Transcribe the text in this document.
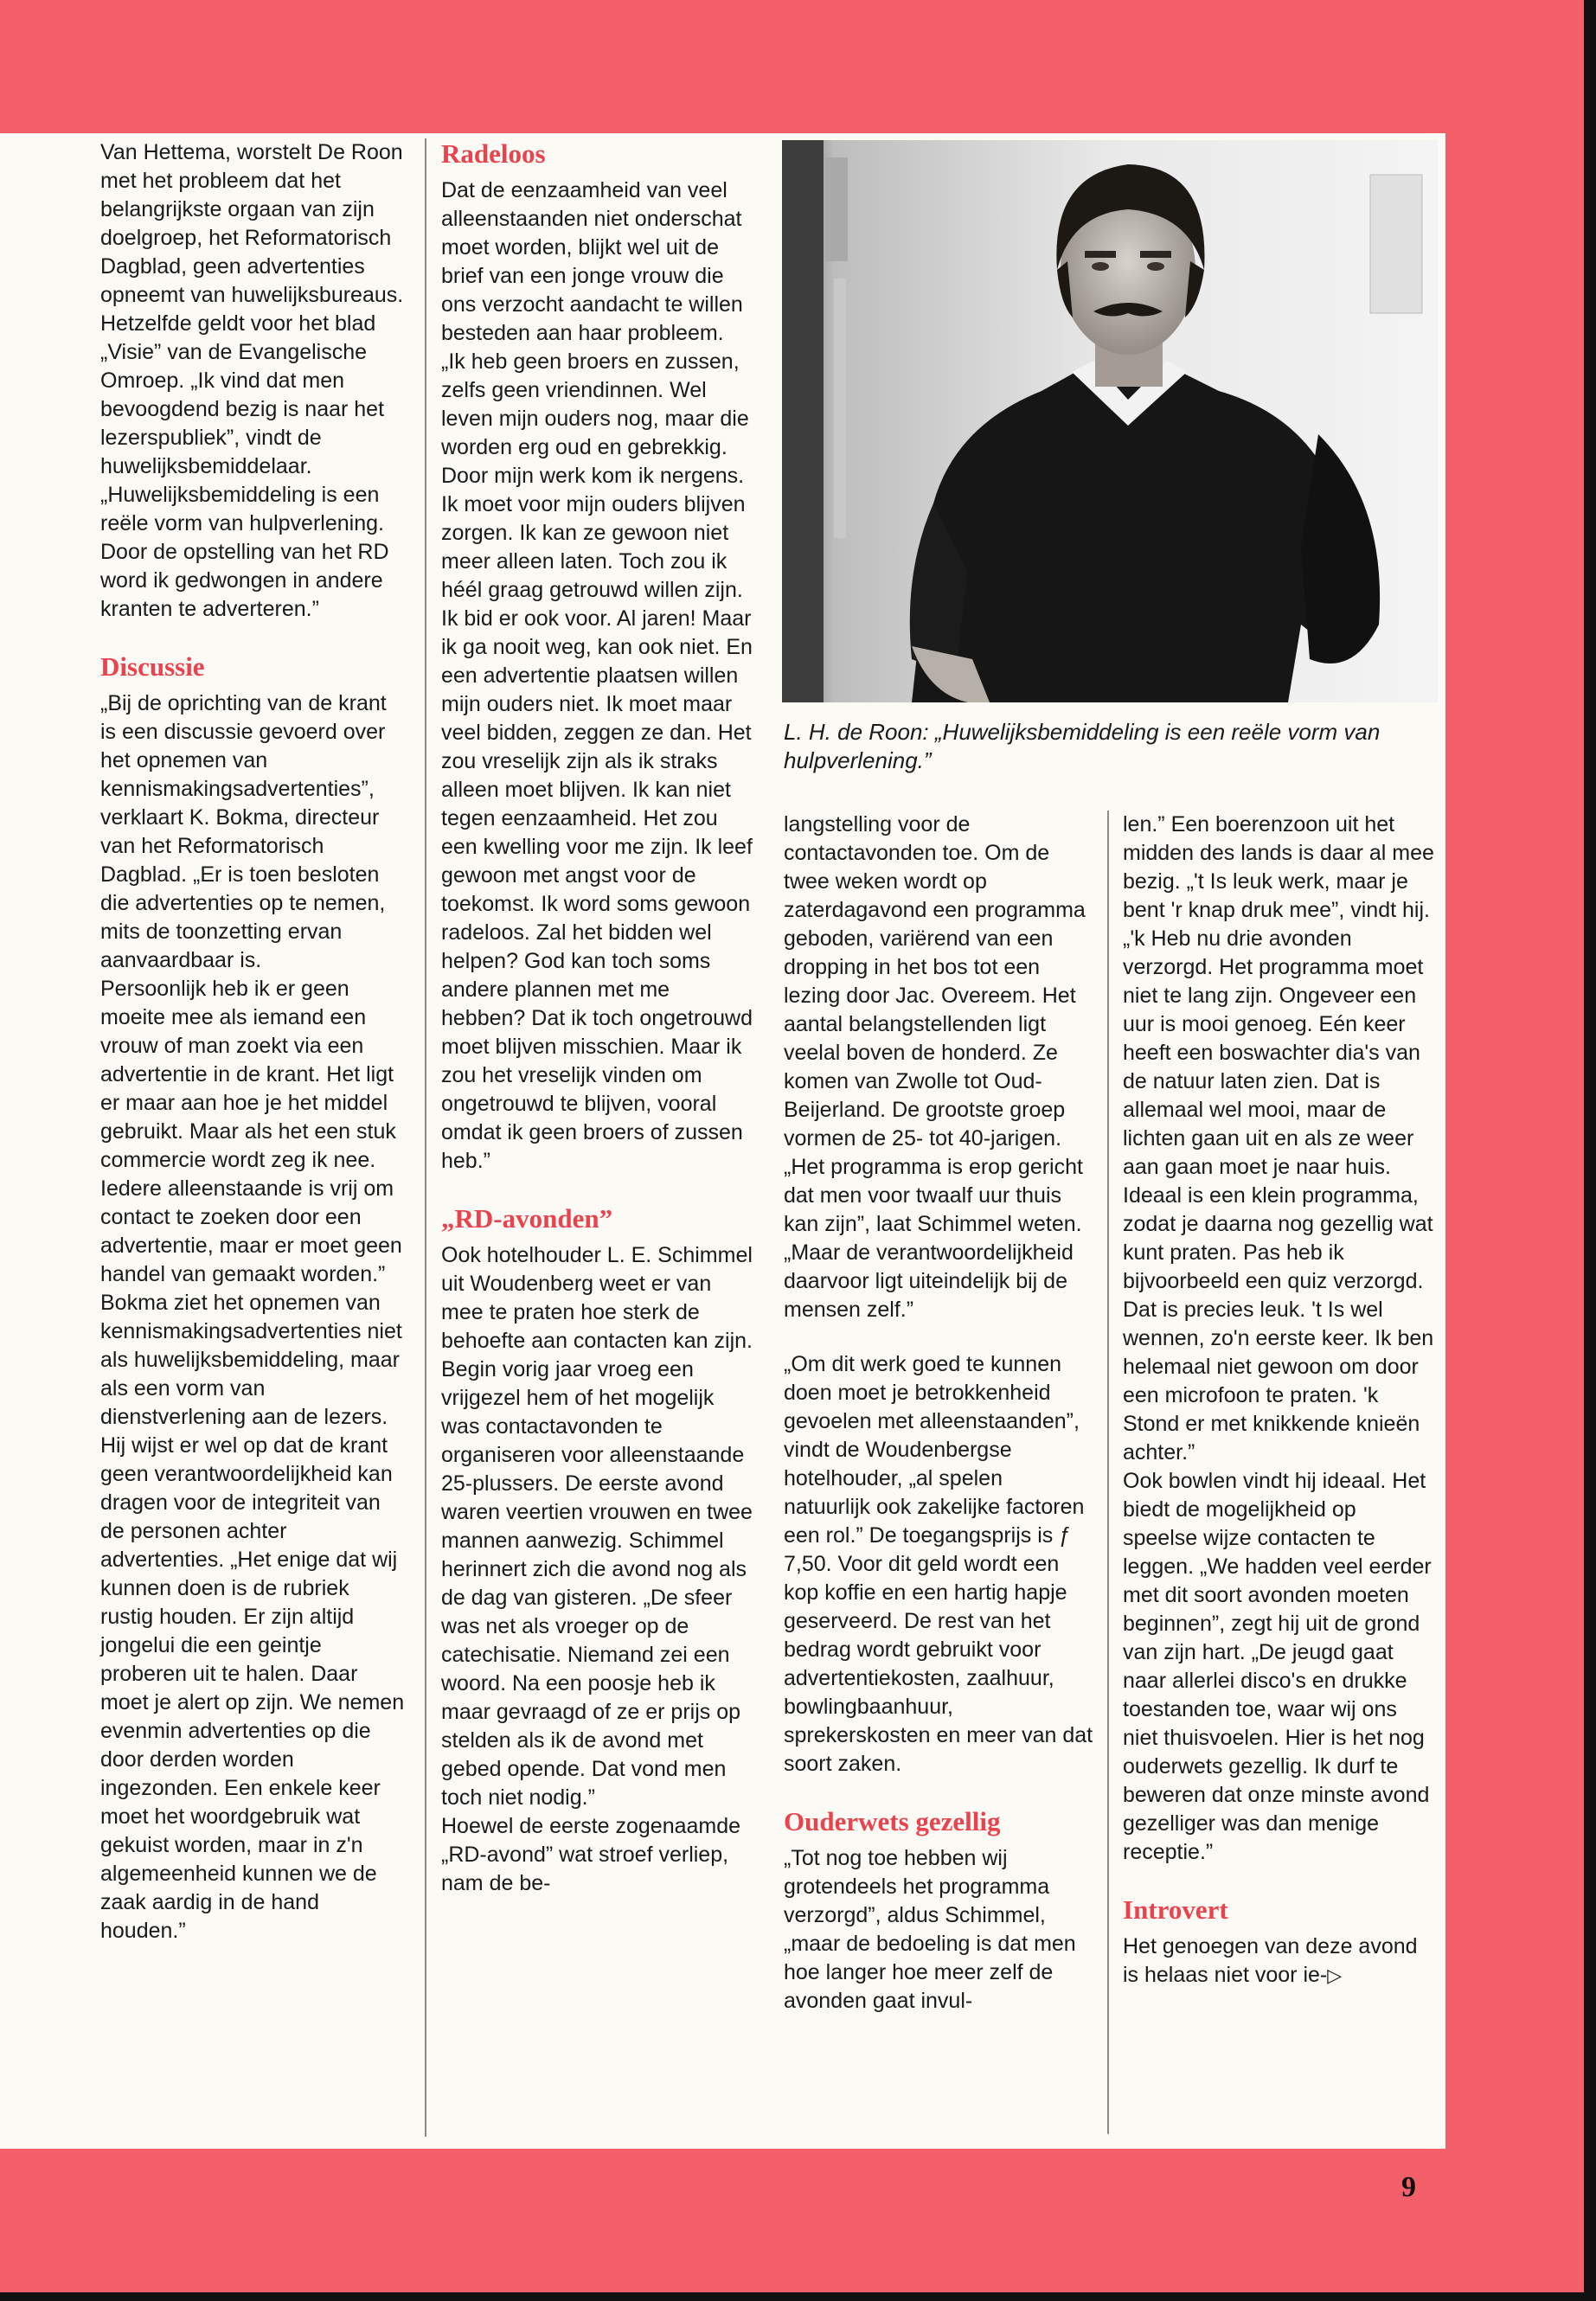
Van Hettema, worstelt De Roon met het probleem dat het belangrijkste orgaan van zijn doelgroep, het Reformatorisch Dagblad, geen advertenties opneemt van huwelijksbureaus. Hetzelfde geldt voor het blad „Visie” van de Evangelische Omroep. „Ik vind dat men bevoogdend bezig is naar het lezerspubliek”, vindt de huwelijksbemiddelaar. „Huwelijksbemiddeling is een reële vorm van hulpverlening. Door de opstelling van het RD word ik gedwongen in andere kranten te adverteren.”

Discussie

„Bij de oprichting van de krant is een discussie gevoerd over het opnemen van kennismakingsadvertenties”, verklaart K. Bokma, directeur van het Reformatorisch Dagblad. „Er is toen besloten die advertenties op te nemen, mits de toonzetting ervan aanvaardbaar is.

Persoonlijk heb ik er geen moeite mee als iemand een vrouw of man zoekt via een advertentie in de krant. Het ligt er maar aan hoe je het middel gebruikt. Maar als het een stuk commercie wordt zeg ik nee. Iedere alleenstaande is vrij om contact te zoeken door een advertentie, maar er moet geen handel van gemaakt worden.”

Bokma ziet het opnemen van kennismakingsadvertenties niet als huwelijksbemiddeling, maar als een vorm van dienstverlening aan de lezers. Hij wijst er wel op dat de krant geen verantwoordelijkheid kan dragen voor de integriteit van de personen achter advertenties. „Het enige dat wij kunnen doen is de rubriek rustig houden. Er zijn altijd jongelui die een geintje proberen uit te halen. Daar moet je alert op zijn. We nemen evenmin advertenties op die door derden worden ingezonden. Een enkele keer moet het woordgebruik wat gekuist worden, maar in z'n algemeenheid kunnen we de zaak aardig in de hand houden.”

Radeloos

Dat de eenzaamheid van veel alleenstaanden niet onderschat moet worden, blijkt wel uit de brief van een jonge vrouw die ons verzocht aandacht te willen besteden aan haar probleem.

„Ik heb geen broers en zussen, zelfs geen vriendinnen. Wel leven mijn ouders nog, maar die worden erg oud en gebrekkig. Door mijn werk kom ik nergens. Ik moet voor mijn ouders blijven zorgen. Ik kan ze gewoon niet meer alleen laten. Toch zou ik héél graag getrouwd willen zijn. Ik bid er ook voor. Al jaren! Maar ik ga nooit weg, kan ook niet. En een advertentie plaatsen willen mijn ouders niet. Ik moet maar veel bidden, zeggen ze dan. Het zou vreselijk zijn als ik straks alleen moet blijven. Ik kan niet tegen eenzaamheid. Het zou een kwelling voor me zijn. Ik leef gewoon met angst voor de toekomst. Ik word soms gewoon radeloos. Zal het bidden wel helpen? God kan toch soms andere plannen met me hebben? Dat ik toch ongetrouwd moet blijven misschien. Maar ik zou het vreselijk vinden om ongetrouwd te blijven, vooral omdat ik geen broers of zussen heb.”

„RD-avonden”

Ook hotelhouder L. E. Schimmel uit Woudenberg weet er van mee te praten hoe sterk de behoefte aan contacten kan zijn. Begin vorig jaar vroeg een vrijgezel hem of het mogelijk was contactavonden te organiseren voor alleenstaande 25-plussers. De eerste avond waren veertien vrouwen en twee mannen aanwezig. Schimmel herinnert zich die avond nog als de dag van gisteren. „De sfeer was net als vroeger op de catechisatie. Niemand zei een woord. Na een poosje heb ik maar gevraagd of ze er prijs op stelden als ik de avond met gebed opende. Dat vond men toch niet nodig.”

Hoewel de eerste zogenaamde „RD-avond” wat stroef verliep, nam de be-

L. H. de Roon: „Huwelijksbemiddeling is een reële vorm van hulpverlening.”

langstelling voor de contactavonden toe. Om de twee weken wordt op zaterdagavond een programma geboden, variërend van een dropping in het bos tot een lezing door Jac. Overeem. Het aantal belangstellenden ligt veelal boven de honderd. Ze komen van Zwolle tot Oud-Beijerland. De grootste groep vormen de 25- tot 40-jarigen. „Het programma is erop gericht dat men voor twaalf uur thuis kan zijn”, laat Schimmel weten. „Maar de verantwoordelijkheid daarvoor ligt uiteindelijk bij de mensen zelf.”

„Om dit werk goed te kunnen doen moet je betrokkenheid gevoelen met alleenstaanden”, vindt de Woudenbergse hotelhouder, „al spelen natuurlijk ook zakelijke factoren een rol.” De toegangsprijs is ƒ 7,50. Voor dit geld wordt een kop koffie en een hartig hapje geserveerd. De rest van het bedrag wordt gebruikt voor advertentiekosten, zaalhuur, bowlingbaanhuur, sprekerskosten en meer van dat soort zaken.

Ouderwets gezellig

„Tot nog toe hebben wij grotendeels het programma verzorgd”, aldus Schimmel, „maar de bedoeling is dat men hoe langer hoe meer zelf de avonden gaat invul-

len.” Een boerenzoon uit het midden des lands is daar al mee bezig. „'t Is leuk werk, maar je bent 'r knap druk mee”, vindt hij. „'k Heb nu drie avonden verzorgd. Het programma moet niet te lang zijn. Ongeveer een uur is mooi genoeg. Eén keer heeft een boswachter dia's van de natuur laten zien. Dat is allemaal wel mooi, maar de lichten gaan uit en als ze weer aan gaan moet je naar huis.

Ideaal is een klein programma, zodat je daarna nog gezellig wat kunt praten. Pas heb ik bijvoorbeeld een quiz verzorgd. Dat is precies leuk. 't Is wel wennen, zo'n eerste keer. Ik ben helemaal niet gewoon om door een microfoon te praten. 'k Stond er met knikkende knieën achter.”

Ook bowlen vindt hij ideaal. Het biedt de mogelijkheid op speelse wijze contacten te leggen. „We hadden veel eerder met dit soort avonden moeten beginnen”, zegt hij uit de grond van zijn hart. „De jeugd gaat naar allerlei disco's en drukke toestanden toe, waar wij ons niet thuisvoelen. Hier is het nog ouderwets gezellig. Ik durf te beweren dat onze minste avond gezelliger was dan menige receptie.”

Introvert

Het genoegen van deze avond is helaas niet voor ie-▷

9
